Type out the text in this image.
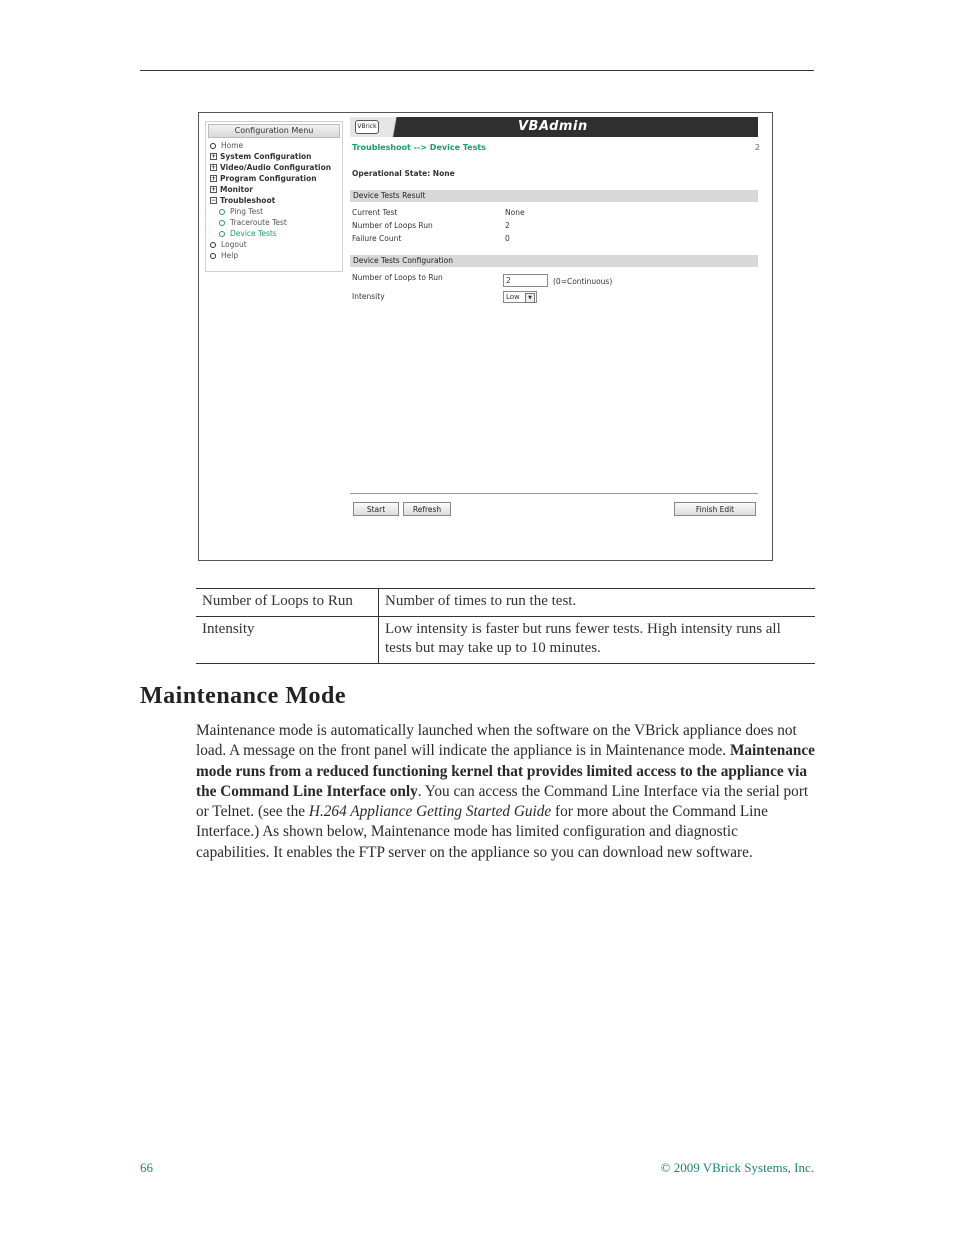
Configuration Menu
Home
+ System Configuration
+ Video/Audio Configuration
+ Program Configuration
+ Monitor
− Troubleshoot
Ping Test
Traceroute Test
Device Tests
Logout
Help
VBrick	VBAdmin
Troubleshoot --> Device Tests	2
Operational State: None
Device Tests Result
Current Test	None
Number of Loops Run	2
Failure Count	0
Device Tests Configuration
Number of Loops to Run	2	(0=Continuous)
Intensity	Low	▼
Start	Refresh	Finish Edit
Number of Loops to Run	Number of times to run the test.
Intensity	Low intensity is faster but runs fewer tests. High intensity runs all tests but may take up to 10 minutes.
Maintenance Mode

Maintenance mode is automatically launched when the software on the VBrick appliance does not load. A message on the front panel will indicate the appliance is in Maintenance mode. Maintenance mode runs from a reduced functioning kernel that provides limited access to the appliance via the Command Line Interface only. You can access the Command Line Interface via the serial port or Telnet. (see the H.264 Appliance Getting Started Guide for more about the Command Line Interface.) As shown below, Maintenance mode has limited configuration and diagnostic capabilities. It enables the FTP server on the appliance so you can download new software.

66	© 2009 VBrick Systems, Inc.
